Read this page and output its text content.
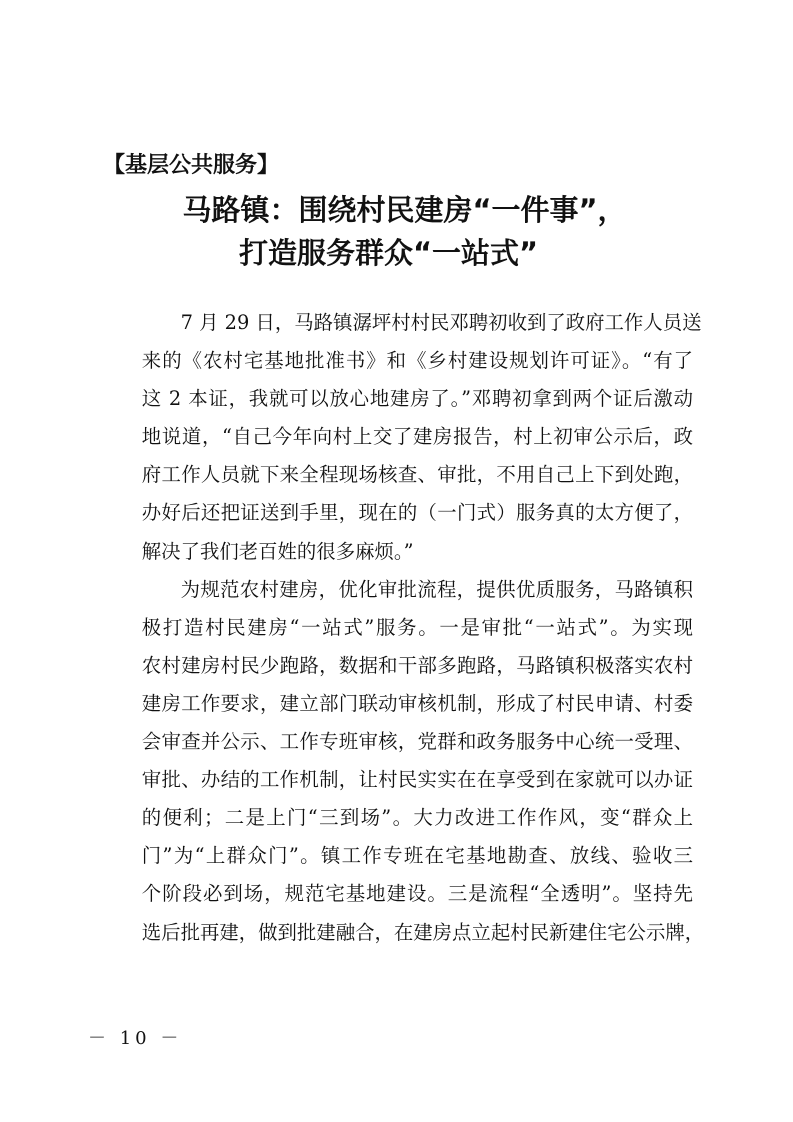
【基层公共服务】
马路镇：围绕村民建房“一件事”，
打造服务群众“一站式”
7 月 29 日，马路镇潺坪村村民邓聘初收到了政府工作人员送
来的《农村宅基地批准书》和《乡村建设规划许可证》。“有了
这 2 本证，我就可以放心地建房了。”邓聘初拿到两个证后激动
地说道，“自己今年向村上交了建房报告，村上初审公示后，政
府工作人员就下来全程现场核查、审批，不用自己上下到处跑，
办好后还把证送到手里，现在的（一门式）服务真的太方便了，
解决了我们老百姓的很多麻烦。”
为规范农村建房，优化审批流程，提供优质服务，马路镇积
极打造村民建房“一站式”服务。一是审批“一站式”。为实现
农村建房村民少跑路，数据和干部多跑路，马路镇积极落实农村
建房工作要求，建立部门联动审核机制，形成了村民申请、村委
会审查并公示、工作专班审核，党群和政务服务中心统一受理、
审批、办结的工作机制，让村民实实在在享受到在家就可以办证
的便利；二是上门“三到场”。大力改进工作作风，变“群众上
门”为“上群众门”。镇工作专班在宅基地勘查、放线、验收三
个阶段必到场，规范宅基地建设。三是流程“全透明”。坚持先
选后批再建，做到批建融合，在建房点立起村民新建住宅公示牌，
－ 10 －
